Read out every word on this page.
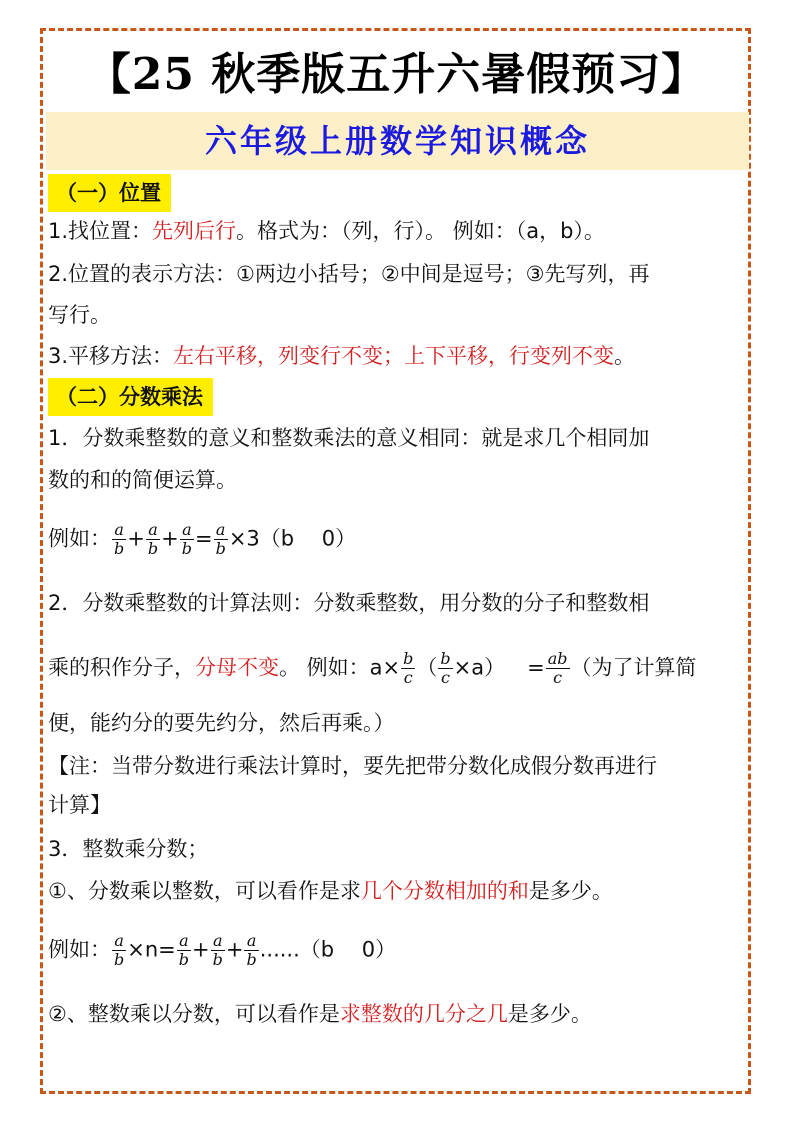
【25 秋季版五升六暑假预习】
六年级上册数学知识概念
（一）位置
1.找位置：先列后行。格式为：（列，行）。 例如：（a，b）。
2.位置的表示方法：①两边小括号；②中间是逗号；③先写列，再
写行。
3.平移方法：左右平移，列变行不变；上下平移，行变列不变。
（二）分数乘法
1．分数乘整数的意义和整数乘法的意义相同：就是求几个相同加
数的和的简便运算。
例如： $\frac{a}{b} + \frac{a}{b} + \frac{a}{b} = \frac{a}{b} \times 3(b$　 0）
2．分数乘整数的计算法则：分数乘整数，用分数的分子和整数相
乘的积作分子，分母不变。 例如：$a\times \frac{b}{c}$ （ $\frac{b}{c} \times a) = \frac{ab}{c}$ （为了计算简
便，能约分的要先约分，然后再乘。）
【注：当带分数进行乘法计算时，要先把带分数化成假分数再进行
计算】
3．整数乘分数；
①、分数乘以整数，可以看作是求几个分数相加的和是多少。
例如： $\frac{a}{b} \times n= \frac{a}{b} + \frac{a}{b} + \frac{a}{b} ......(b$　 0）
②、整数乘以分数，可以看作是求整数的几分之几是多少。
